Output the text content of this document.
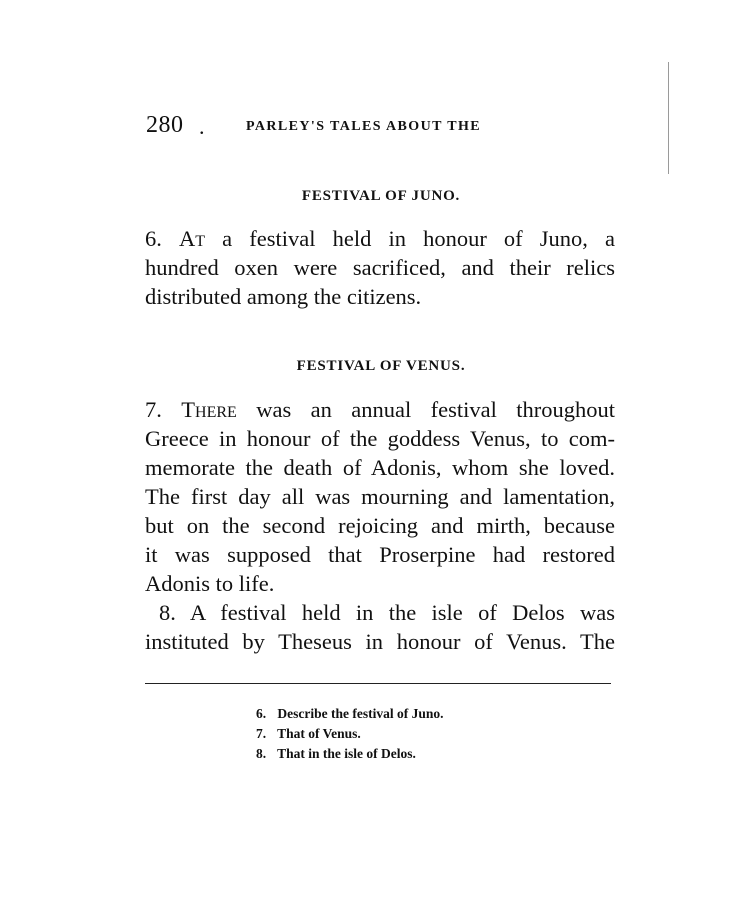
280 .	PARLEY'S TALES ABOUT THE
FESTIVAL OF JUNO.
6. At a festival held in honour of Juno, a
hundred oxen were sacrificed, and their relics
distributed among the citizens.
FESTIVAL OF VENUS.
7. There was an annual festival throughout
Greece in honour of the goddess Venus, to com-
memorate the death of Adonis, whom she loved.
The first day all was mourning and lamentation,
but on the second rejoicing and mirth, because
it was supposed that Proserpine had restored
Adonis to life.
8. A festival held in the isle of Delos was
instituted by Theseus in honour of Venus. The
6. Describe the festival of Juno.
7. That of Venus.
8. That in the isle of Delos.
